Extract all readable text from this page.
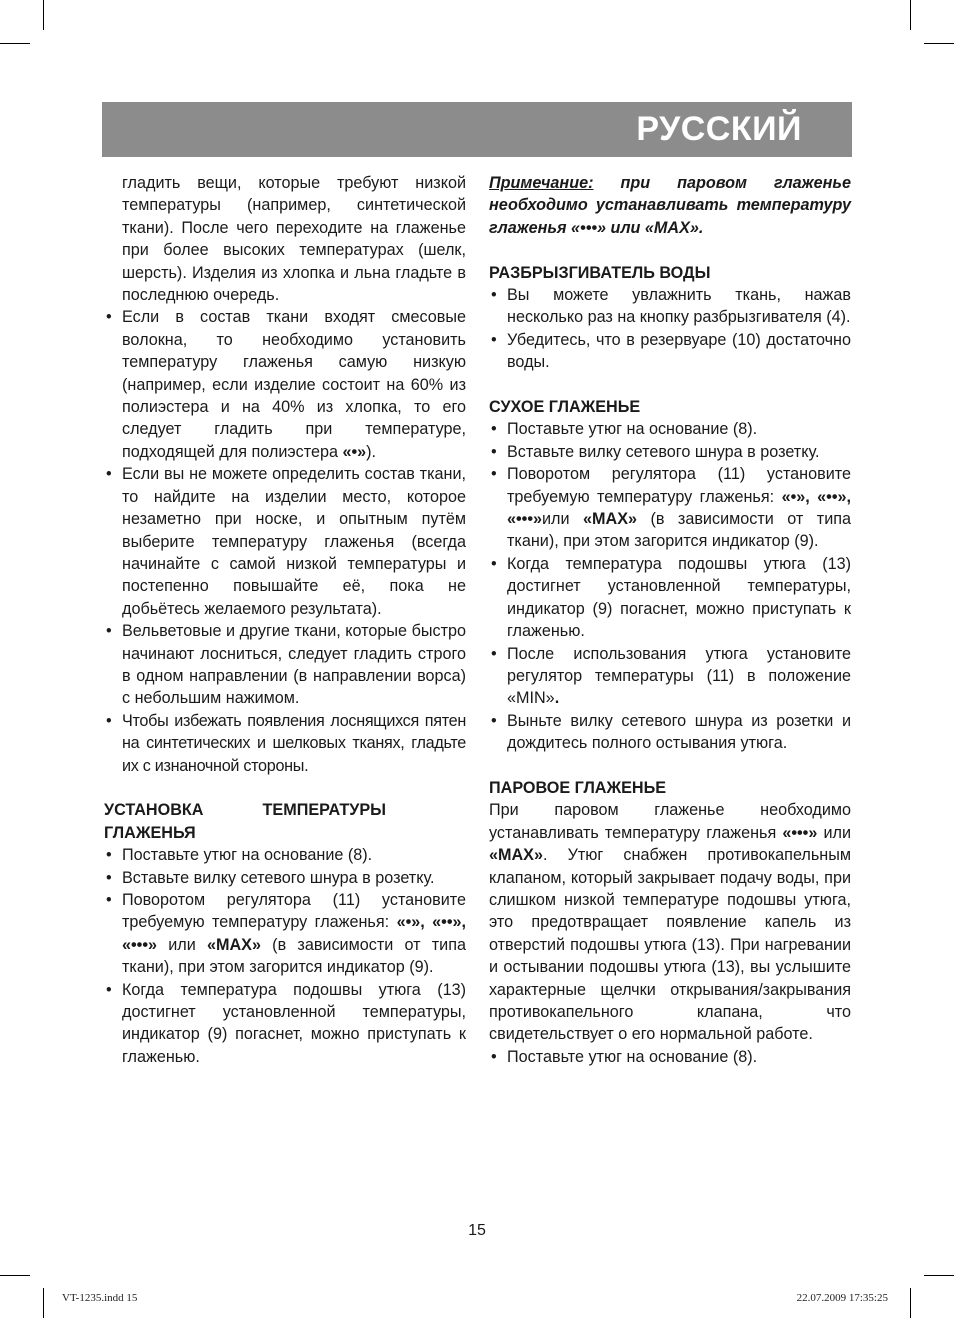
РУССКИЙ

гладить вещи, которые требуют низкой температуры (например, синтетической ткани). После чего переходите на глаженье при более высоких температурах (шелк, шерсть). Изделия из хлопка и льна гладьте в последнюю очередь.

• Если в состав ткани входят смесовые волокна, то необходимо установить температуру глаженья самую низкую (например, если изделие состоит на 60% из полиэстера и на 40% из хлопка, то его следует гладить при температуре, подходящей для полиэстера «•»).
• Если вы не можете определить состав ткани, то найдите на изделии место, которое незаметно при носке, и опытным путём выберите температуру глаженья (всегда начинайте с самой низкой температуры и постепенно повышайте её, пока не добьётесь желаемого результата).
• Вельветовые и другие ткани, которые быстро начинают лосниться, следует гладить строго в одном направлении (в направлении ворса) с небольшим нажимом.
• Чтобы избежать появления лоснящихся пятен на синтетических и шелковых тканях, гладьте их с изнаночной стороны.

УСТАНОВКА ТЕМПЕРАТУРЫ ГЛАЖЕНЬЯ

• Поставьте утюг на основание (8).
• Вставьте вилку сетевого шнура в розетку.
• Поворотом регулятора (11) установите требуемую температуру глаженья: «•», «••», «•••» или «MAX» (в зависимости от типа ткани), при этом загорится индикатор (9).
• Когда температура подошвы утюга (13) достигнет установленной температуры, индикатор (9) погаснет, можно приступать к глаженью.

Примечание: при паровом глаженье необходимо устанавливать температуру глаженья «•••» или «MAX».

РАЗБРЫЗГИВАТЕЛЬ ВОДЫ

• Вы можете увлажнить ткань, нажав несколько раз на кнопку разбрызгивателя (4).
• Убедитесь, что в резервуаре (10) достаточно воды.

СУХОЕ ГЛАЖЕНЬЕ

• Поставьте утюг на основание (8).
• Вставьте вилку сетевого шнура в розетку.
• Поворотом регулятора (11) установите требуемую температуру глаженья: «•», «••», «•••»или «MAX» (в зависимости от типа ткани), при этом загорится индикатор (9).
• Когда температура подошвы утюга (13) достигнет установленной температуры, индикатор (9) погаснет, можно приступать к глаженью.
• После использования утюга установите регулятор температуры (11) в положение «MIN».
• Выньте вилку сетевого шнура из розетки и дождитесь полного остывания утюга.

ПАРОВОЕ ГЛАЖЕНЬЕ

При паровом глаженье необходимо устанавливать температуру глаженья «•••» или «MAX». Утюг снабжен противокапельным клапаном, который закрывает подачу воды, при слишком низкой температуре подошвы утюга, это предотвращает появление капель из отверстий подошвы утюга (13). При нагревании и остывании подошвы утюга (13), вы услышите характерные щелчки открывания/закрывания противокапельного клапана, что свидетельствует о его нормальной работе.

• Поставьте утюг на основание (8).
15
VT-1235.indd 15	22.07.2009 17:35:25
